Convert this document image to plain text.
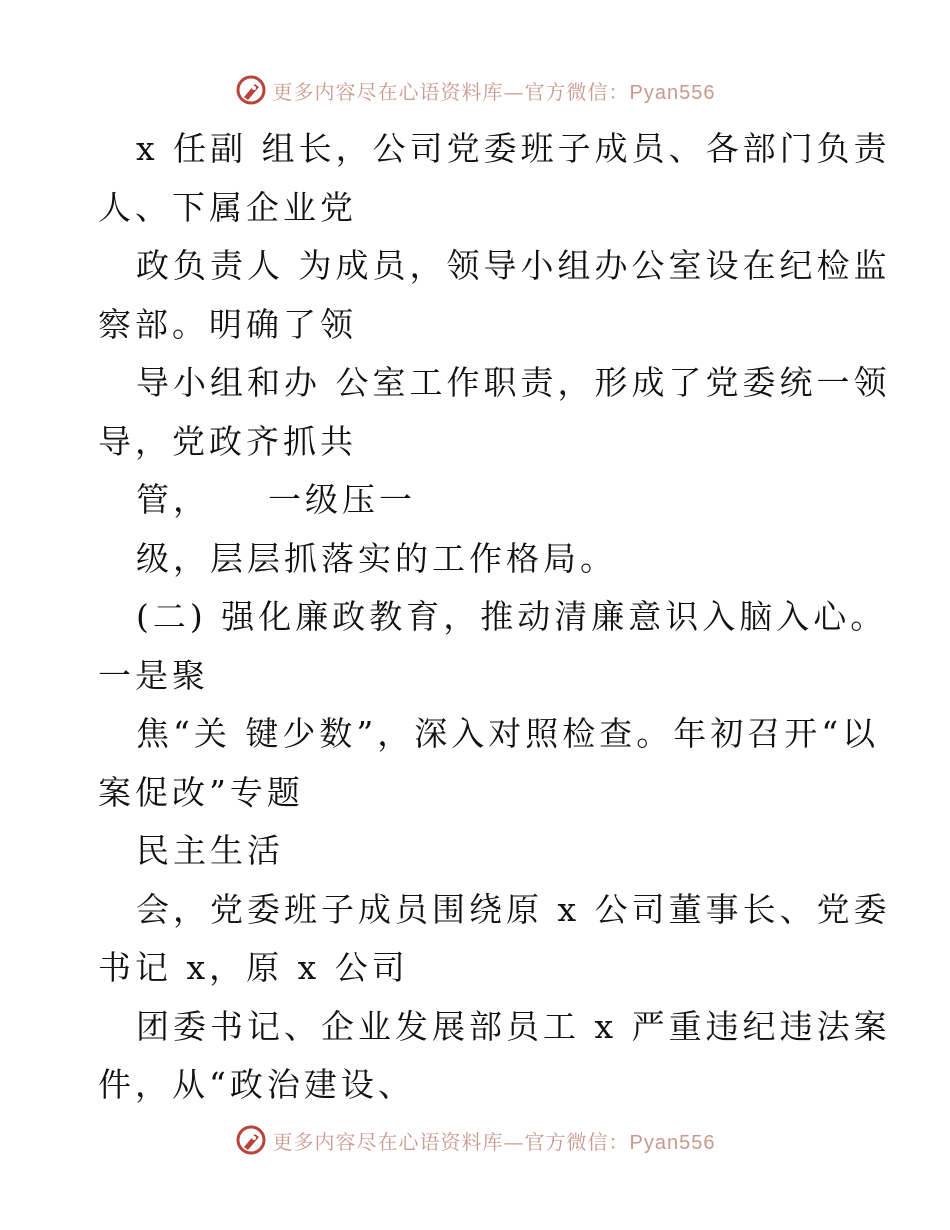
更多内容尽在心语资料库—官方微信：Pyan556
x 任副 组长，公司党委班子成员、各部门负责
人、下属企业党
政负责人 为成员，领导小组办公室设在纪检监
察部。明确了领
导小组和办 公室工作职责，形成了党委统一领
导，党政齐抓共
管，    一级压一
级，层层抓落实的工作格局。
(二) 强化廉政教育，推动清廉意识入脑入心。
一是聚
焦“关 键少数”，深入对照检查。年初召开“以
案促改”专题
民主生活
会，党委班子成员围绕原 x 公司董事长、党委
书记 x，原 x 公司
团委书记、企业发展部员工 x 严重违纪违法案
件，从“政治建设、
更多内容尽在心语资料库—官方微信：Pyan556
